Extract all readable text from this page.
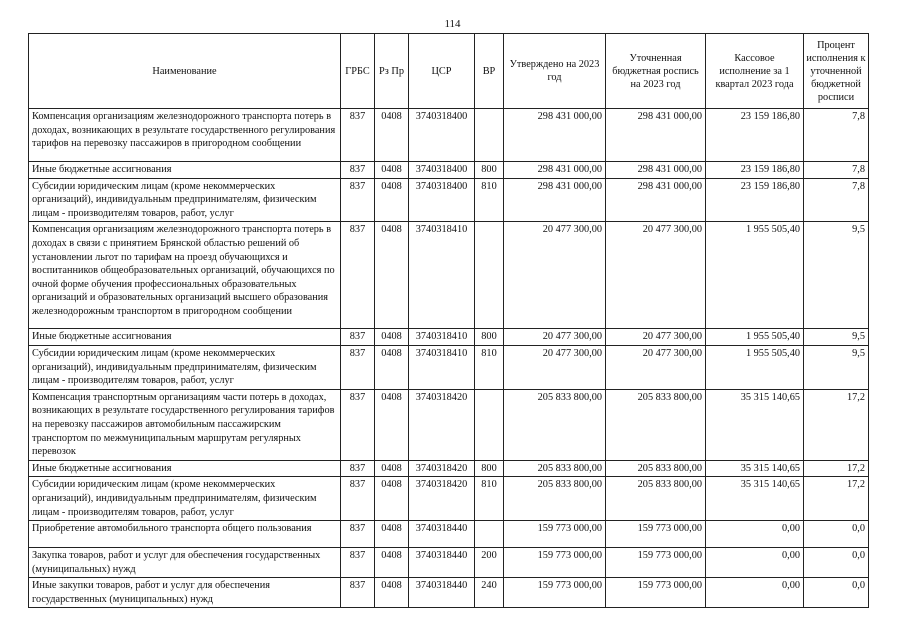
114
Наименование	ГРБС	Рз Пр	ЦСР	ВР	Утверждено на 2023 год	Уточненная бюджетная роспись на 2023 год	Кассовое исполнение за 1 квартал 2023 года	Процент исполнения к уточненной бюджетной росписи
Компенсация организациям железнодорожного транспорта потерь в доходах, возникающих в результате государственного регулирования тарифов на перевозку пассажиров в пригородном сообщении	837	0408	3740318400		298 431 000,00	298 431 000,00	23 159 186,80	7,8
Иные бюджетные ассигнования	837	0408	3740318400	800	298 431 000,00	298 431 000,00	23 159 186,80	7,8
Субсидии юридическим лицам (кроме некоммерческих организаций), индивидуальным предпринимателям, физическим лицам - производителям товаров, работ, услуг	837	0408	3740318400	810	298 431 000,00	298 431 000,00	23 159 186,80	7,8
Компенсация организациям железнодорожного транспорта потерь в доходах в связи с принятием Брянской областью решений об установлении льгот по тарифам на проезд обучающихся и воспитанников общеобразовательных организаций, обучающихся по очной форме обучения профессиональных образовательных организаций и образовательных организаций высшего образования железнодорожным транспортом в пригородном сообщении	837	0408	3740318410		20 477 300,00	20 477 300,00	1 955 505,40	9,5
Иные бюджетные ассигнования	837	0408	3740318410	800	20 477 300,00	20 477 300,00	1 955 505,40	9,5
Субсидии юридическим лицам (кроме некоммерческих организаций), индивидуальным предпринимателям, физическим лицам - производителям товаров, работ, услуг	837	0408	3740318410	810	20 477 300,00	20 477 300,00	1 955 505,40	9,5
Компенсация транспортным организациям части потерь в доходах, возникающих в результате государственного регулирования тарифов на перевозку пассажиров автомобильным пассажирским транспортом по межмуниципальным маршрутам регулярных перевозок	837	0408	3740318420		205 833 800,00	205 833 800,00	35 315 140,65	17,2
Иные бюджетные ассигнования	837	0408	3740318420	800	205 833 800,00	205 833 800,00	35 315 140,65	17,2
Субсидии юридическим лицам (кроме некоммерческих организаций), индивидуальным предпринимателям, физическим лицам - производителям товаров, работ, услуг	837	0408	3740318420	810	205 833 800,00	205 833 800,00	35 315 140,65	17,2
Приобретение автомобильного транспорта общего пользования	837	0408	3740318440		159 773 000,00	159 773 000,00	0,00	0,0
Закупка товаров, работ и услуг для обеспечения государственных (муниципальных) нужд	837	0408	3740318440	200	159 773 000,00	159 773 000,00	0,00	0,0
Иные закупки товаров, работ и услуг для обеспечения государственных (муниципальных) нужд	837	0408	3740318440	240	159 773 000,00	159 773 000,00	0,00	0,0
